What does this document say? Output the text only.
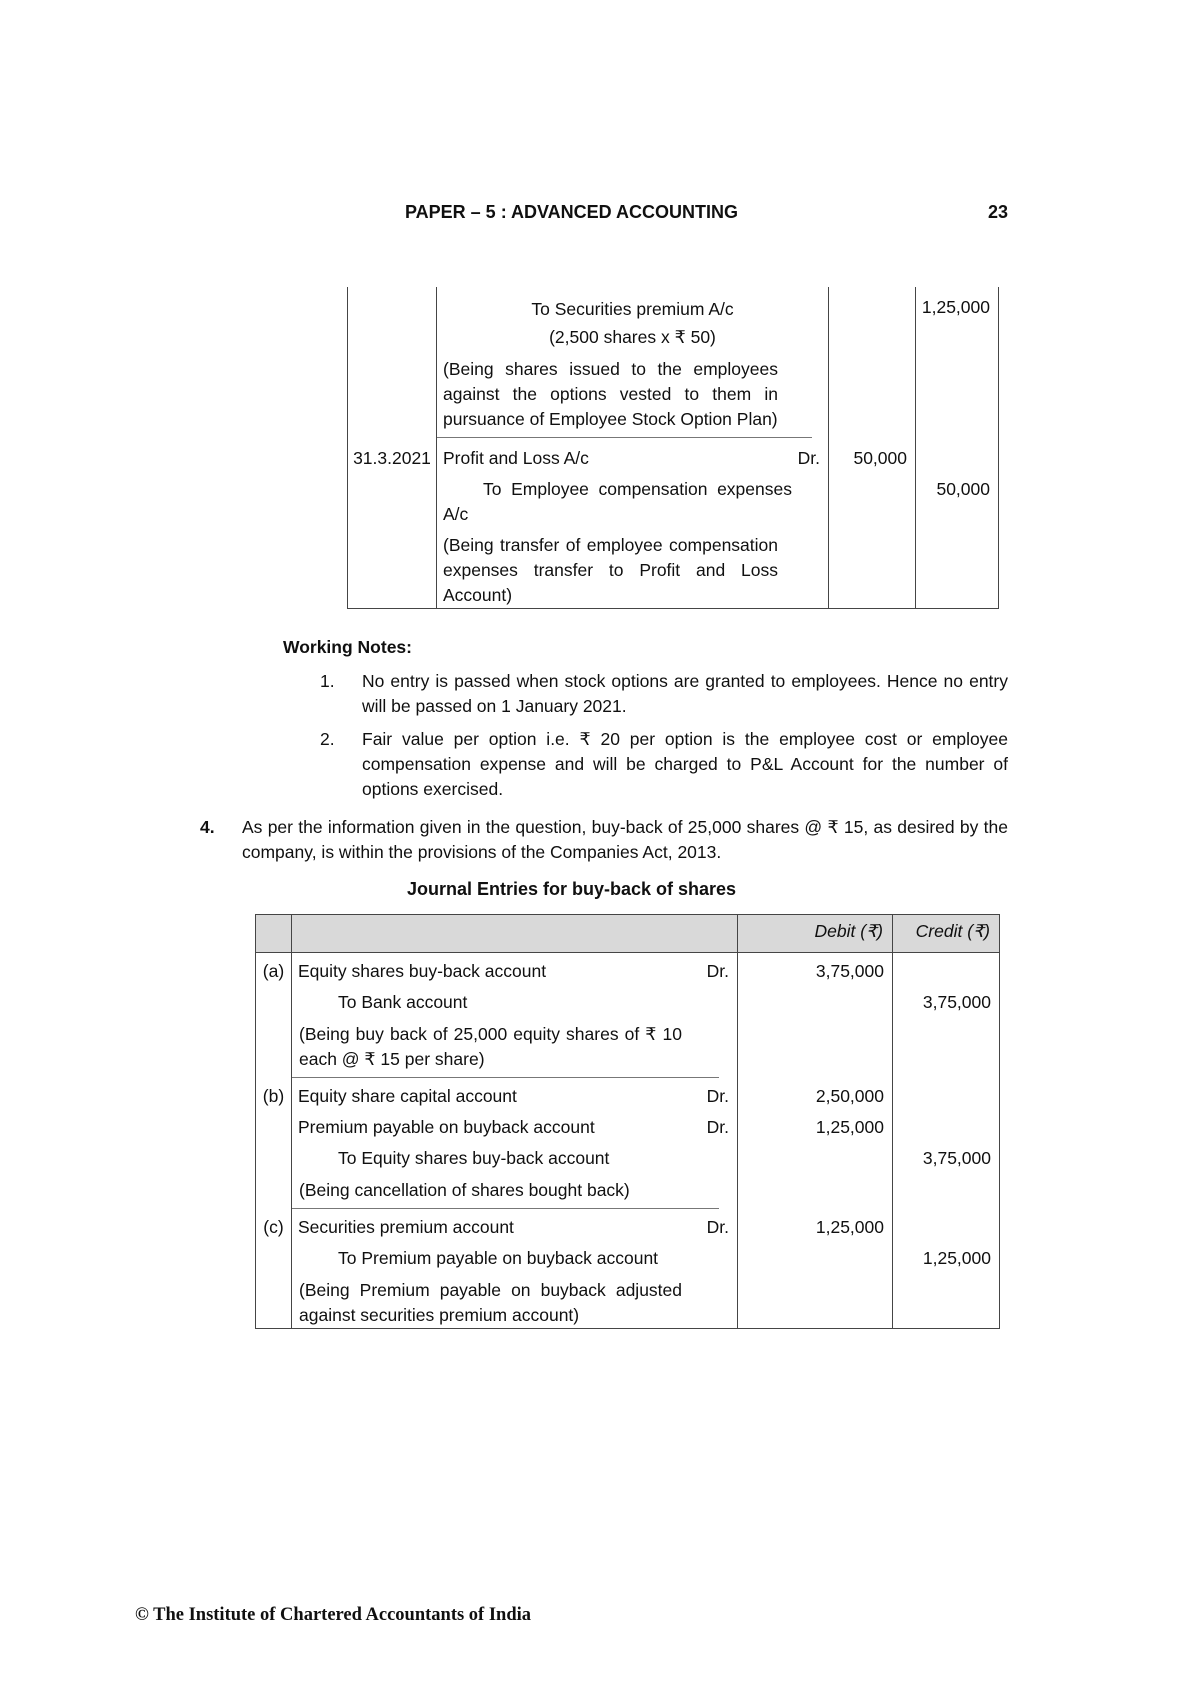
PAPER – 5 : ADVANCED ACCOUNTING	23

	To Securities premium A/c
(2,500 shares x ₹ 50)		1,25,000

	(Being shares issued to the employees against the options vested to them in pursuance of Employee Stock Option Plan)		

31.3.2021	Profit and Loss A/c Dr.	50,000	

	To Employee compensation expenses A/c		50,000

	(Being transfer of employee compensation expenses transfer to Profit and Loss Account)		

Working Notes:
1.	No entry is passed when stock options are granted to employees. Hence no entry will be passed on 1 January 2021.
2.	Fair value per option i.e. ₹ 20 per option is the employee cost or employee compensation expense and will be charged to P&L Account for the number of options exercised.
4.	As per the information given in the question, buy-back of 25,000 shares @ ₹ 15, as desired by the company, is within the provisions of the Companies Act, 2013.
Journal Entries for buy-back of shares
		Debit (₹)	Credit (₹)
(a)	Equity shares buy-back account Dr.	3,75,000	

	To Bank account		3,75,000

	(Being buy back of 25,000 equity shares of ₹ 10 each @ ₹ 15 per share)		

(b)	Equity share capital account Dr.	2,50,000	

	Premium payable on buyback account Dr.	1,25,000	

	To Equity shares buy-back account		3,75,000

	(Being cancellation of shares bought back)		

(c)	Securities premium account Dr.	1,25,000	

	To Premium payable on buyback account		1,25,000

	(Being Premium payable on buyback adjusted against securities premium account)		

© The Institute of Chartered Accountants of India
